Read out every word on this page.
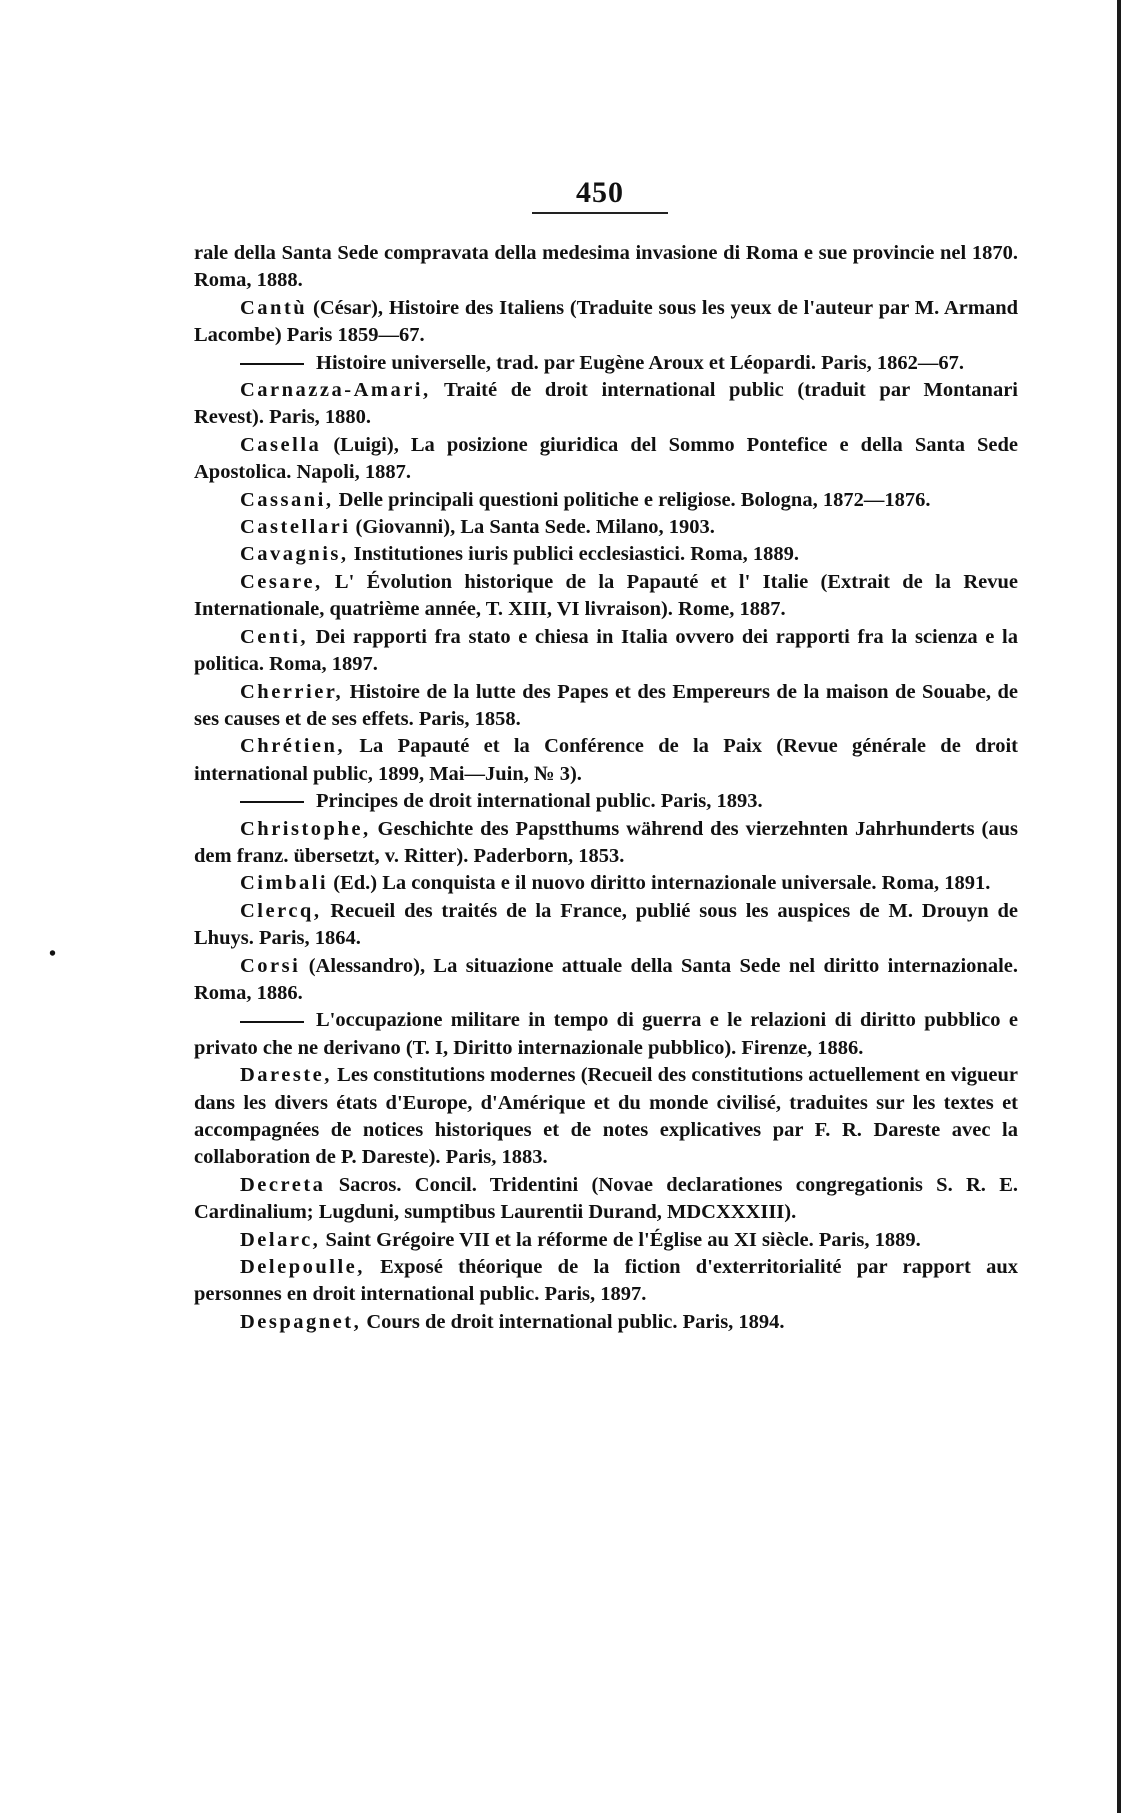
450
•

rale della Santa Sede compravata della medesima invasione di Roma e sue provincie nel 1870. Roma, 1888.

Cantù (César), Histoire des Italiens (Traduite sous les yeux de l'auteur par M. Armand Lacombe) Paris 1859—67.

Histoire universelle, trad. par Eugène Aroux et Léopardi. Paris, 1862—67.

Carnazza-Amari, Traité de droit international public (traduit par Montanari Revest). Paris, 1880.

Casella (Luigi), La posizione giuridica del Sommo Pontefice e della Santa Sede Apostolica. Napoli, 1887.

Cassani, Delle principali questioni politiche e religiose. Bologna, 1872—1876.

Castellari (Giovanni), La Santa Sede. Milano, 1903.

Cavagnis, Institutiones iuris publici ecclesiastici. Roma, 1889.

Cesare, L' Évolution historique de la Papauté et l' Italie (Extrait de la Revue Internationale, quatrième année, T. XIII, VI livraison). Rome, 1887.

Centi, Dei rapporti fra stato e chiesa in Italia ovvero dei rapporti fra la scienza e la politica. Roma, 1897.

Cherrier, Histoire de la lutte des Papes et des Empereurs de la maison de Souabe, de ses causes et de ses effets. Paris, 1858.

Chrétien, La Papauté et la Conférence de la Paix (Revue générale de droit international public, 1899, Mai—Juin, № 3).

Principes de droit international public. Paris, 1893.

Christophe, Geschichte des Papstthums während des vierzehnten Jahrhunderts (aus dem franz. übersetzt, v. Ritter). Paderborn, 1853.

Cimbali (Ed.) La conquista e il nuovo diritto internazionale universale. Roma, 1891.

Clercq, Recueil des traités de la France, publié sous les auspices de M. Drouyn de Lhuys. Paris, 1864.

Corsi (Alessandro), La situazione attuale della Santa Sede nel diritto internazionale. Roma, 1886.

L'occupazione militare in tempo di guerra e le relazioni di diritto pubblico e privato che ne derivano (T. I, Diritto internazionale pubblico). Firenze, 1886.

Dareste, Les constitutions modernes (Recueil des constitutions actuellement en vigueur dans les divers états d'Europe, d'Amérique et du monde civilisé, traduites sur les textes et accompagnées de notices historiques et de notes explicatives par F. R. Dareste avec la collaboration de P. Dareste). Paris, 1883.

Decreta Sacros. Concil. Tridentini (Novae declarationes congregationis S. R. E. Cardinalium; Lugduni, sumptibus Laurentii Durand, MDCXXXIII).

Delarc, Saint Grégoire VII et la réforme de l'Église au XI siècle. Paris, 1889.

Delepoulle, Exposé théorique de la fiction d'exterritorialité par rapport aux personnes en droit international public. Paris, 1897.

Despagnet, Cours de droit international public. Paris, 1894.
